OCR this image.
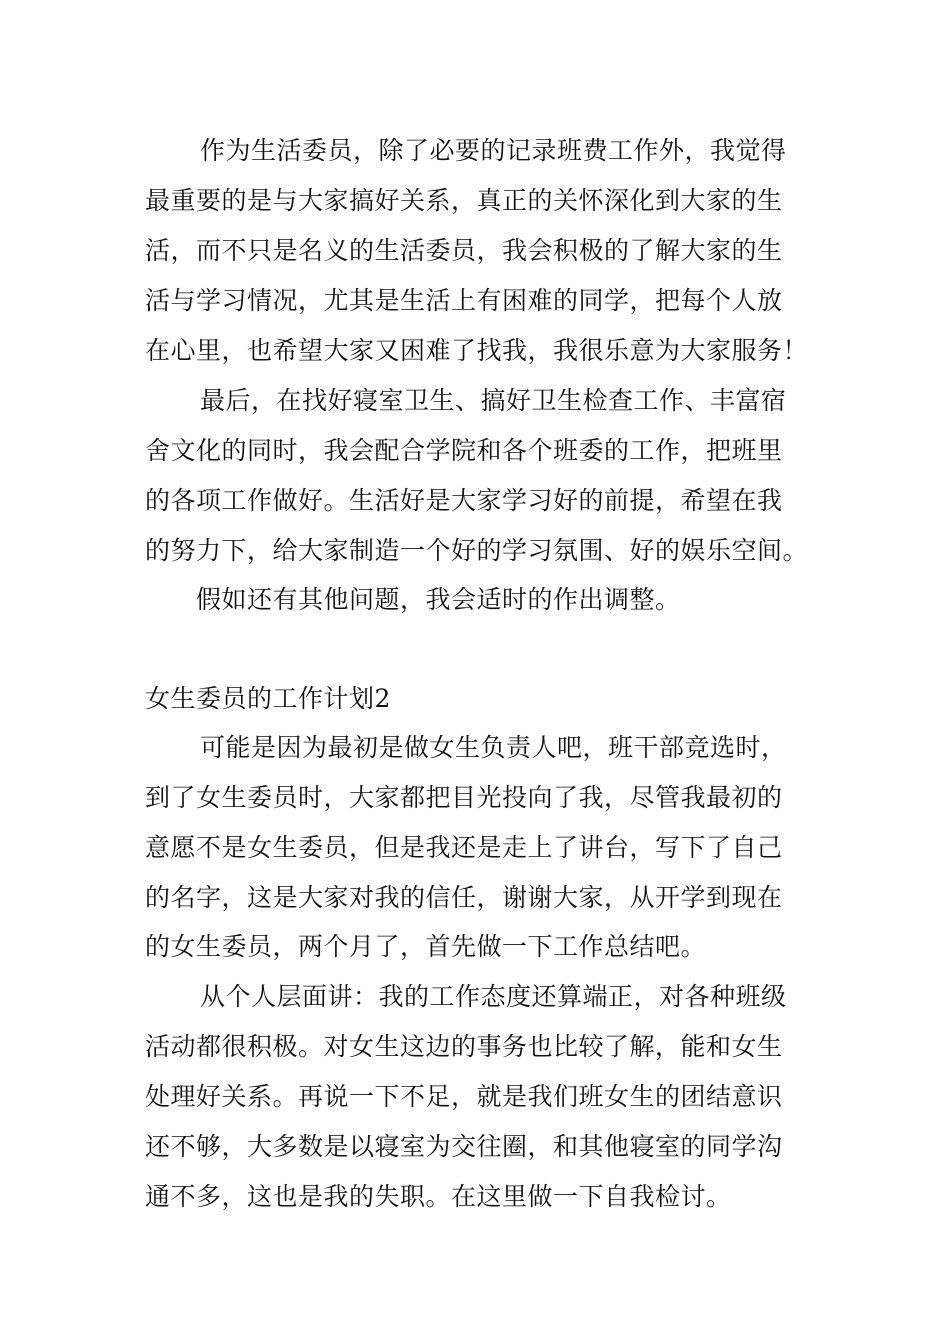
作为生活委员，除了必要的记录班费工作外，我觉得

最重要的是与大家搞好关系，真正的关怀深化到大家的生

活，而不只是名义的生活委员，我会积极的了解大家的生

活与学习情况，尤其是生活上有困难的同学，把每个人放

在心里，也希望大家又困难了找我，我很乐意为大家服务！

最后，在找好寝室卫生、搞好卫生检查工作、丰富宿

舍文化的同时，我会配合学院和各个班委的工作，把班里

的各项工作做好。生活好是大家学习好的前提，希望在我

的努力下，给大家制造一个好的学习氛围、好的娱乐空间。

假如还有其他问题，我会适时的作出调整。

女生委员的工作计划2

可能是因为最初是做女生负责人吧，班干部竞选时，

到了女生委员时，大家都把目光投向了我，尽管我最初的

意愿不是女生委员，但是我还是走上了讲台，写下了自己

的名字，这是大家对我的信任，谢谢大家，从开学到现在

的女生委员，两个月了，首先做一下工作总结吧。

从个人层面讲：我的工作态度还算端正，对各种班级

活动都很积极。对女生这边的事务也比较了解，能和女生

处理好关系。再说一下不足，就是我们班女生的团结意识

还不够，大多数是以寝室为交往圈，和其他寝室的同学沟

通不多，这也是我的失职。在这里做一下自我检讨。
